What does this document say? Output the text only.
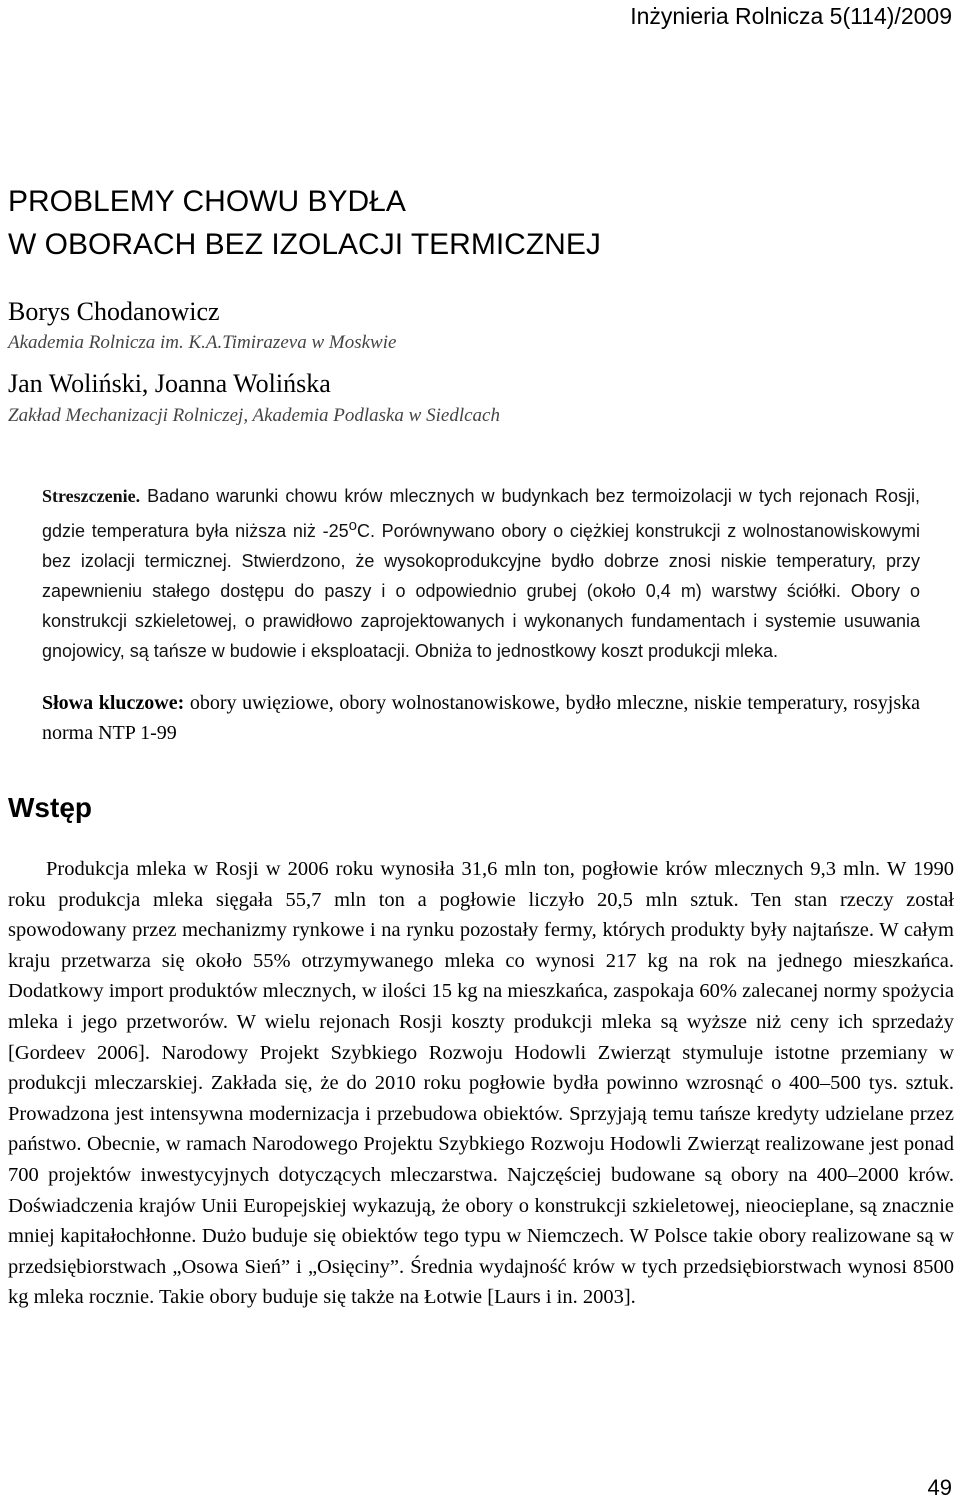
Inżynieria Rolnicza 5(114)/2009
PROBLEMY CHOWU BYDŁA
W OBORACH BEZ IZOLACJI TERMICZNEJ
Borys Chodanowicz
Akademia Rolnicza im. K.A.Timirazeva w Moskwie
Jan Woliński, Joanna Wolińska
Zakład Mechanizacji Rolniczej, Akademia Podlaska w Siedlcach

Streszczenie. Badano warunki chowu krów mlecznych w budynkach bez termoizolacji w tych rejonach Rosji, gdzie temperatura była niższa niż -25$^o$C. Porównywano obory o ciężkiej konstrukcji z wolnostanowiskowymi bez izolacji termicznej. Stwierdzono, że wysokoprodukcyjne bydło dobrze znosi niskie temperatury, przy zapewnieniu stałego dostępu do paszy i o odpowiednio grubej (około 0,4 m) warstwy ściółki. Obory o konstrukcji szkieletowej, o prawidłowo zaprojektowanych i wykonanych fundamentach i systemie usuwania gnojowicy, są tańsze w budowie i eksploatacji. Obniża to jednostkowy koszt produkcji mleka.

Słowa kluczowe: obory uwięziowe, obory wolnostanowiskowe, bydło mleczne, niskie temperatury, rosyjska norma NTP 1-99

Wstęp

Produkcja mleka w Rosji w 2006 roku wynosiła 31,6 mln ton, pogłowie krów mlecznych 9,3 mln. W 1990 roku produkcja mleka sięgała 55,7 mln ton a pogłowie liczyło 20,5 mln sztuk. Ten stan rzeczy został spowodowany przez mechanizmy rynkowe i na rynku pozostały fermy, których produkty były najtańsze. W całym kraju przetwarza się około 55% otrzymywanego mleka co wynosi 217 kg na rok na jednego mieszkańca. Dodatkowy import produktów mlecznych, w ilości 15 kg na mieszkańca, zaspokaja 60% zalecanej normy spożycia mleka i jego przetworów. W wielu rejonach Rosji koszty produkcji mleka są wyższe niż ceny ich sprzedaży [Gordeev 2006]. Narodowy Projekt Szybkiego Rozwoju Hodowli Zwierząt stymuluje istotne przemiany w produkcji mleczarskiej. Zakłada się, że do 2010 roku pogłowie bydła powinno wzrosnąć o 400–500 tys. sztuk. Prowadzona jest intensywna modernizacja i przebudowa obiektów. Sprzyjają temu tańsze kredyty udzielane przez państwo. Obecnie, w ramach Narodowego Projektu Szybkiego Rozwoju Hodowli Zwierząt realizowane jest ponad 700 projektów inwestycyjnych dotyczących mleczarstwa. Najczęściej budowane są obory na 400–2000 krów. Doświadczenia krajów Unii Europejskiej wykazują, że obory o konstrukcji szkieletowej, nieocieplane, są znacznie mniej kapitałochłonne. Dużo buduje się obiektów tego typu w Niemczech. W Polsce takie obory realizowane są w przedsiębiorstwach „Osowa Sień” i „Osięciny”. Średnia wydajność krów w tych przedsiębiorstwach wynosi 8500 kg mleka rocznie. Takie obory buduje się także na Łotwie [Laurs i in. 2003].

49
